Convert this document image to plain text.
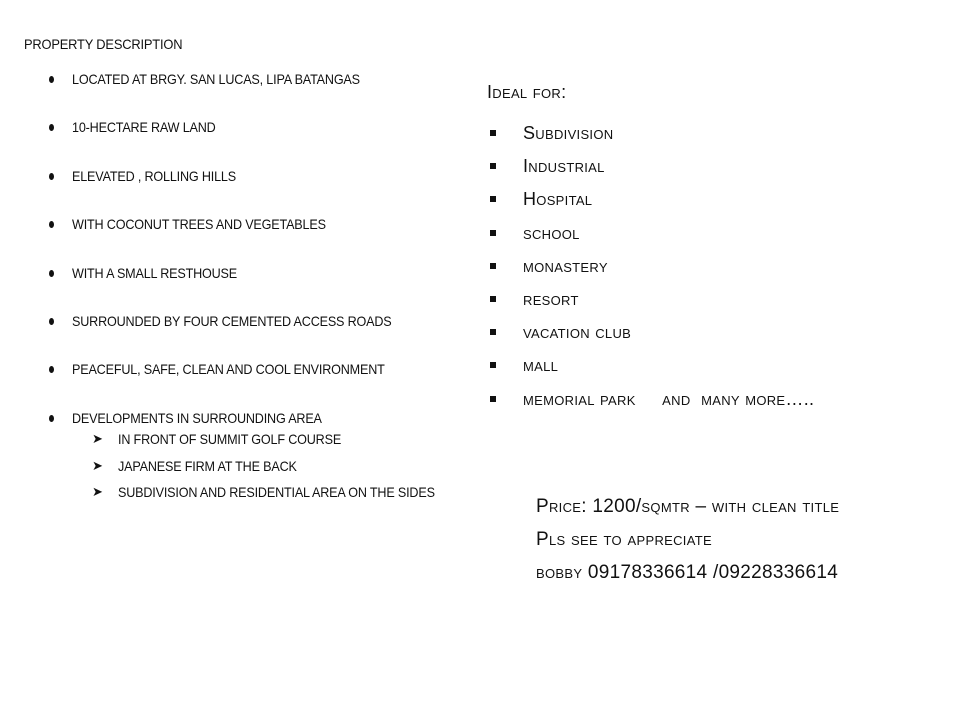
PROPERTY DESCRIPTION

LOCATED AT BRGY. SAN LUCAS, LIPA BATANGAS
10-HECTARE RAW LAND
ELEVATED , ROLLING HILLS
WITH COCONUT TREES AND VEGETABLES
WITH A SMALL RESTHOUSE
SURROUNDED BY FOUR CEMENTED ACCESS ROADS
PEACEFUL, SAFE, CLEAN AND COOL ENVIRONMENT
DEVELOPMENTS IN SURROUNDING AREA
➤ IN FRONT OF SUMMIT GOLF COURSE
➤ JAPANESE FIRM AT THE BACK
➤ SUBDIVISION AND RESIDENTIAL AREA ON THE SIDES

Ideal for:

Subdivision
Industrial
Hospital
school
monastery
resort
vacation club
mall
memorial park     and  many more…..
Price: 1200/sqmtr – with clean title
Pls see to appreciate
bobby 09178336614 /09228336614
